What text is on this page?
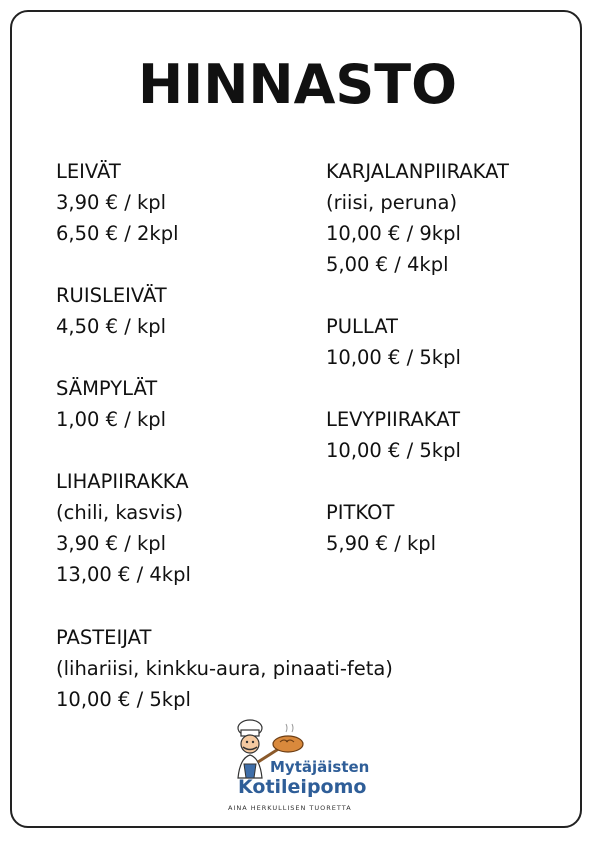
HINNASTO
LEIVÄT
3,90 € / kpl
6,50 € / 2kpl
RUISLEIVÄT
4,50 € / kpl
SÄMPYLÄT
1,00 € / kpl
LIHAPIIRAKKA
(chili, kasvis)
3,90 € / kpl
13,00 € / 4kpl
KARJALANPIIRAKAT
(riisi, peruna)
10,00 € / 9kpl
5,00 € / 4kpl
PULLAT
10,00 € / 5kpl
LEVYPIIRAKAT
10,00 € / 5kpl
PITKOT
5,90 € / kpl
PASTEIJAT
(lihariisi, kinkku-aura, pinaati-feta)
10,00 € / 5kpl
Mytäjäisten
Kotileipomo
AINA HERKULLISEN TUORETTA
